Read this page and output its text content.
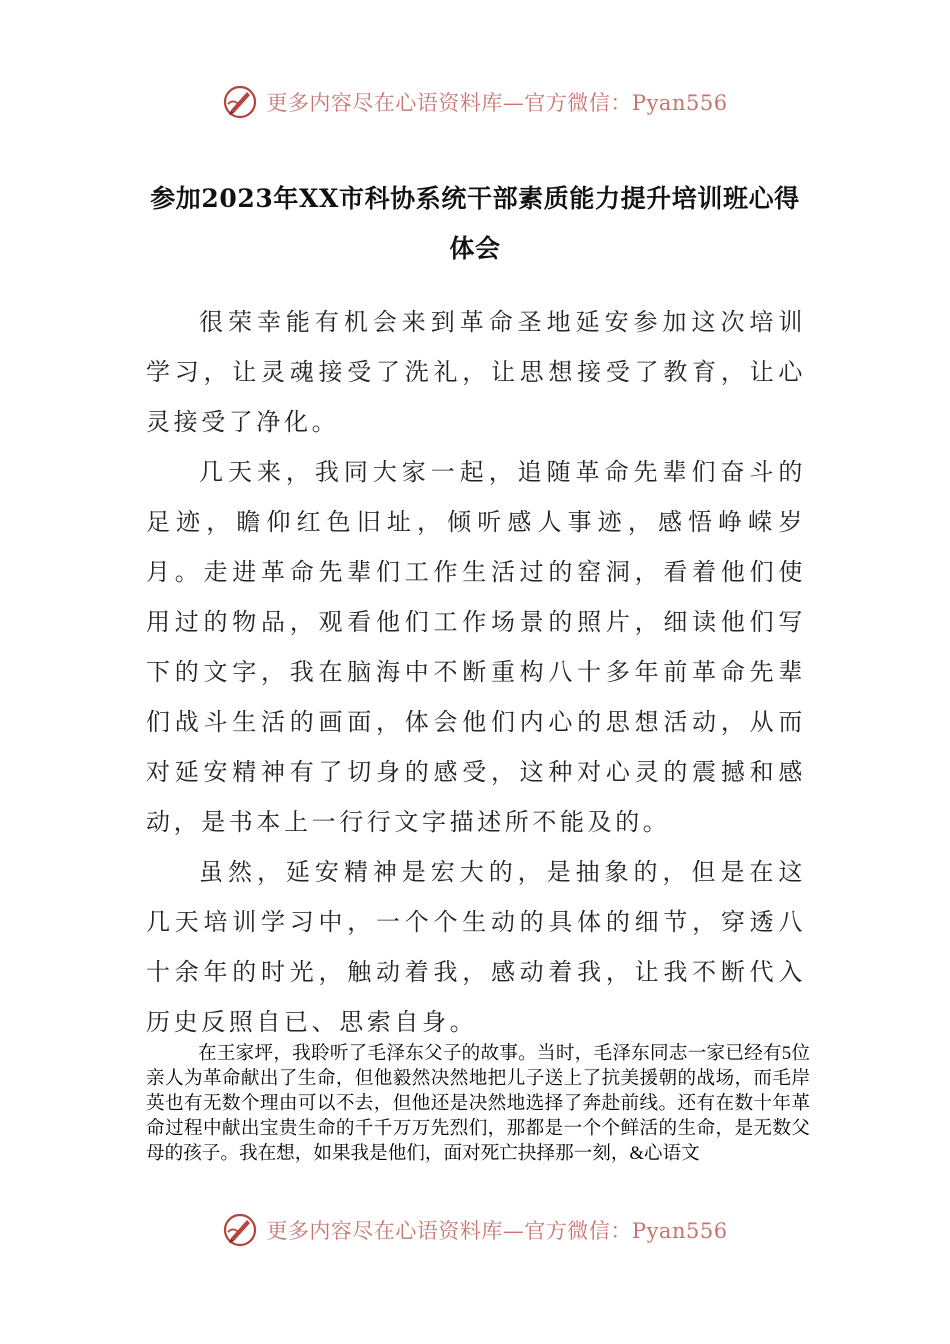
更多内容尽在心语资料库—官方微信：Pyan556
参加2023年XX市科协系统干部素质能力提升培训班心得体会

很荣幸能有机会来到革命圣地延安参加这次培训学习，让灵魂接受了洗礼，让思想接受了教育，让心灵接受了净化。

几天来，我同大家一起，追随革命先辈们奋斗的足迹，瞻仰红色旧址，倾听感人事迹，感悟峥嵘岁月。走进革命先辈们工作生活过的窑洞，看着他们使用过的物品，观看他们工作场景的照片，细读他们写下的文字，我在脑海中不断重构八十多年前革命先辈们战斗生活的画面，体会他们内心的思想活动，从而对延安精神有了切身的感受，这种对心灵的震撼和感动，是书本上一行行文字描述所不能及的。

虽然，延安精神是宏大的，是抽象的，但是在这几天培训学习中，一个个生动的具体的细节，穿透八十余年的时光，触动着我，感动着我，让我不断代入历史反照自已、思索自身。

在王家坪，我聆听了毛泽东父子的故事。当时，毛泽东同志一家已经有5位亲人为革命献出了生命，但他毅然决然地把儿子送上了抗美援朝的战场，而毛岸英也有无数个理由可以不去，但他还是决然地选择了奔赴前线。还有在数十年革命过程中献出宝贵生命的千千万万先烈们，那都是一个个鲜活的生命，是无数父母的孩子。我在想，如果我是他们，面对死亡抉择那一刻，&心语文

更多内容尽在心语资料库—官方微信：Pyan556
